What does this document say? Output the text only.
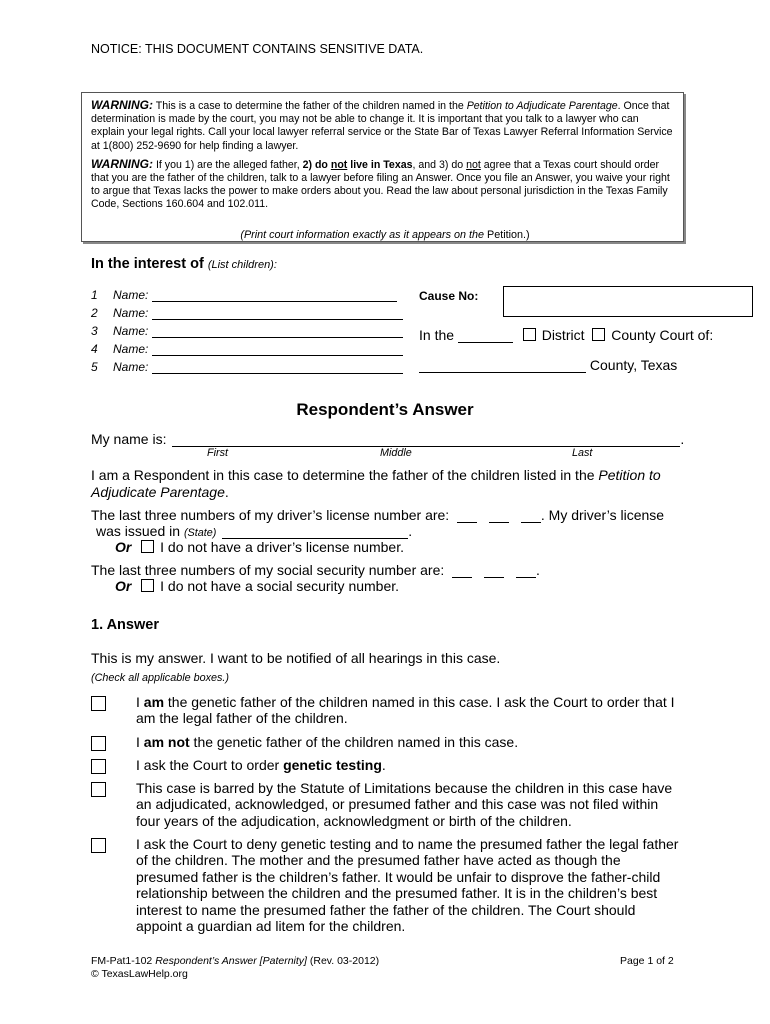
NOTICE: THIS DOCUMENT CONTAINS SENSITIVE DATA.

WARNING: This is a case to determine the father of the children named in the Petition to Adjudicate Parentage. Once that determination is made by the court, you may not be able to change it. It is important that you talk to a lawyer who can explain your legal rights. Call your local lawyer referral service or the State Bar of Texas Lawyer Referral Information Service at 1(800) 252-9690 for help finding a lawyer.

WARNING: If you 1) are the alleged father, 2) do not live in Texas, and 3) do not agree that a Texas court should order that you are the father of the children, talk to a lawyer before filing an Answer. Once you file an Answer, you waive your right to argue that Texas lacks the power to make orders about you. Read the law about personal jurisdiction in the Texas Family Code, Sections 160.604 and 102.011.

(Print court information exactly as it appears on the Petition.)
In the interest of (List children):
1 Name:
2 Name:
3 Name:
4 Name:
5 Name:
Cause No:
In the	District County Court of:
County, Texas
Respondent’s Answer
My name is:	.
First	Middle	Last
I am a Respondent in this case to determine the father of the children listed in the Petition to Adjudicate Parentage.
The last three numbers of my driver’s license number are:	. My driver’s license
was issued in (State)	.
Or I do not have a driver’s license number.
The last three numbers of my social security number are:	.
Or I do not have a social security number.
1. Answer
This is my answer. I want to be notified of all hearings in this case.
(Check all applicable boxes.)
I am the genetic father of the children named in this case. I ask the Court to order that I am the legal father of the children.
I am not the genetic father of the children named in this case.
I ask the Court to order genetic testing.
This case is barred by the Statute of Limitations because the children in this case have an adjudicated, acknowledged, or presumed father and this case was not filed within four years of the adjudication, acknowledgment or birth of the children.
I ask the Court to deny genetic testing and to name the presumed father the legal father of the children. The mother and the presumed father have acted as though the presumed father is the children’s father. It would be unfair to disprove the father-child relationship between the children and the presumed father. It is in the children’s best interest to name the presumed father the father of the children. The Court should appoint a guardian ad litem for the children.
FM-Pat1-102 Respondent’s Answer [Paternity] (Rev. 03-2012)
© TexasLawHelp.org
Page 1 of 2
